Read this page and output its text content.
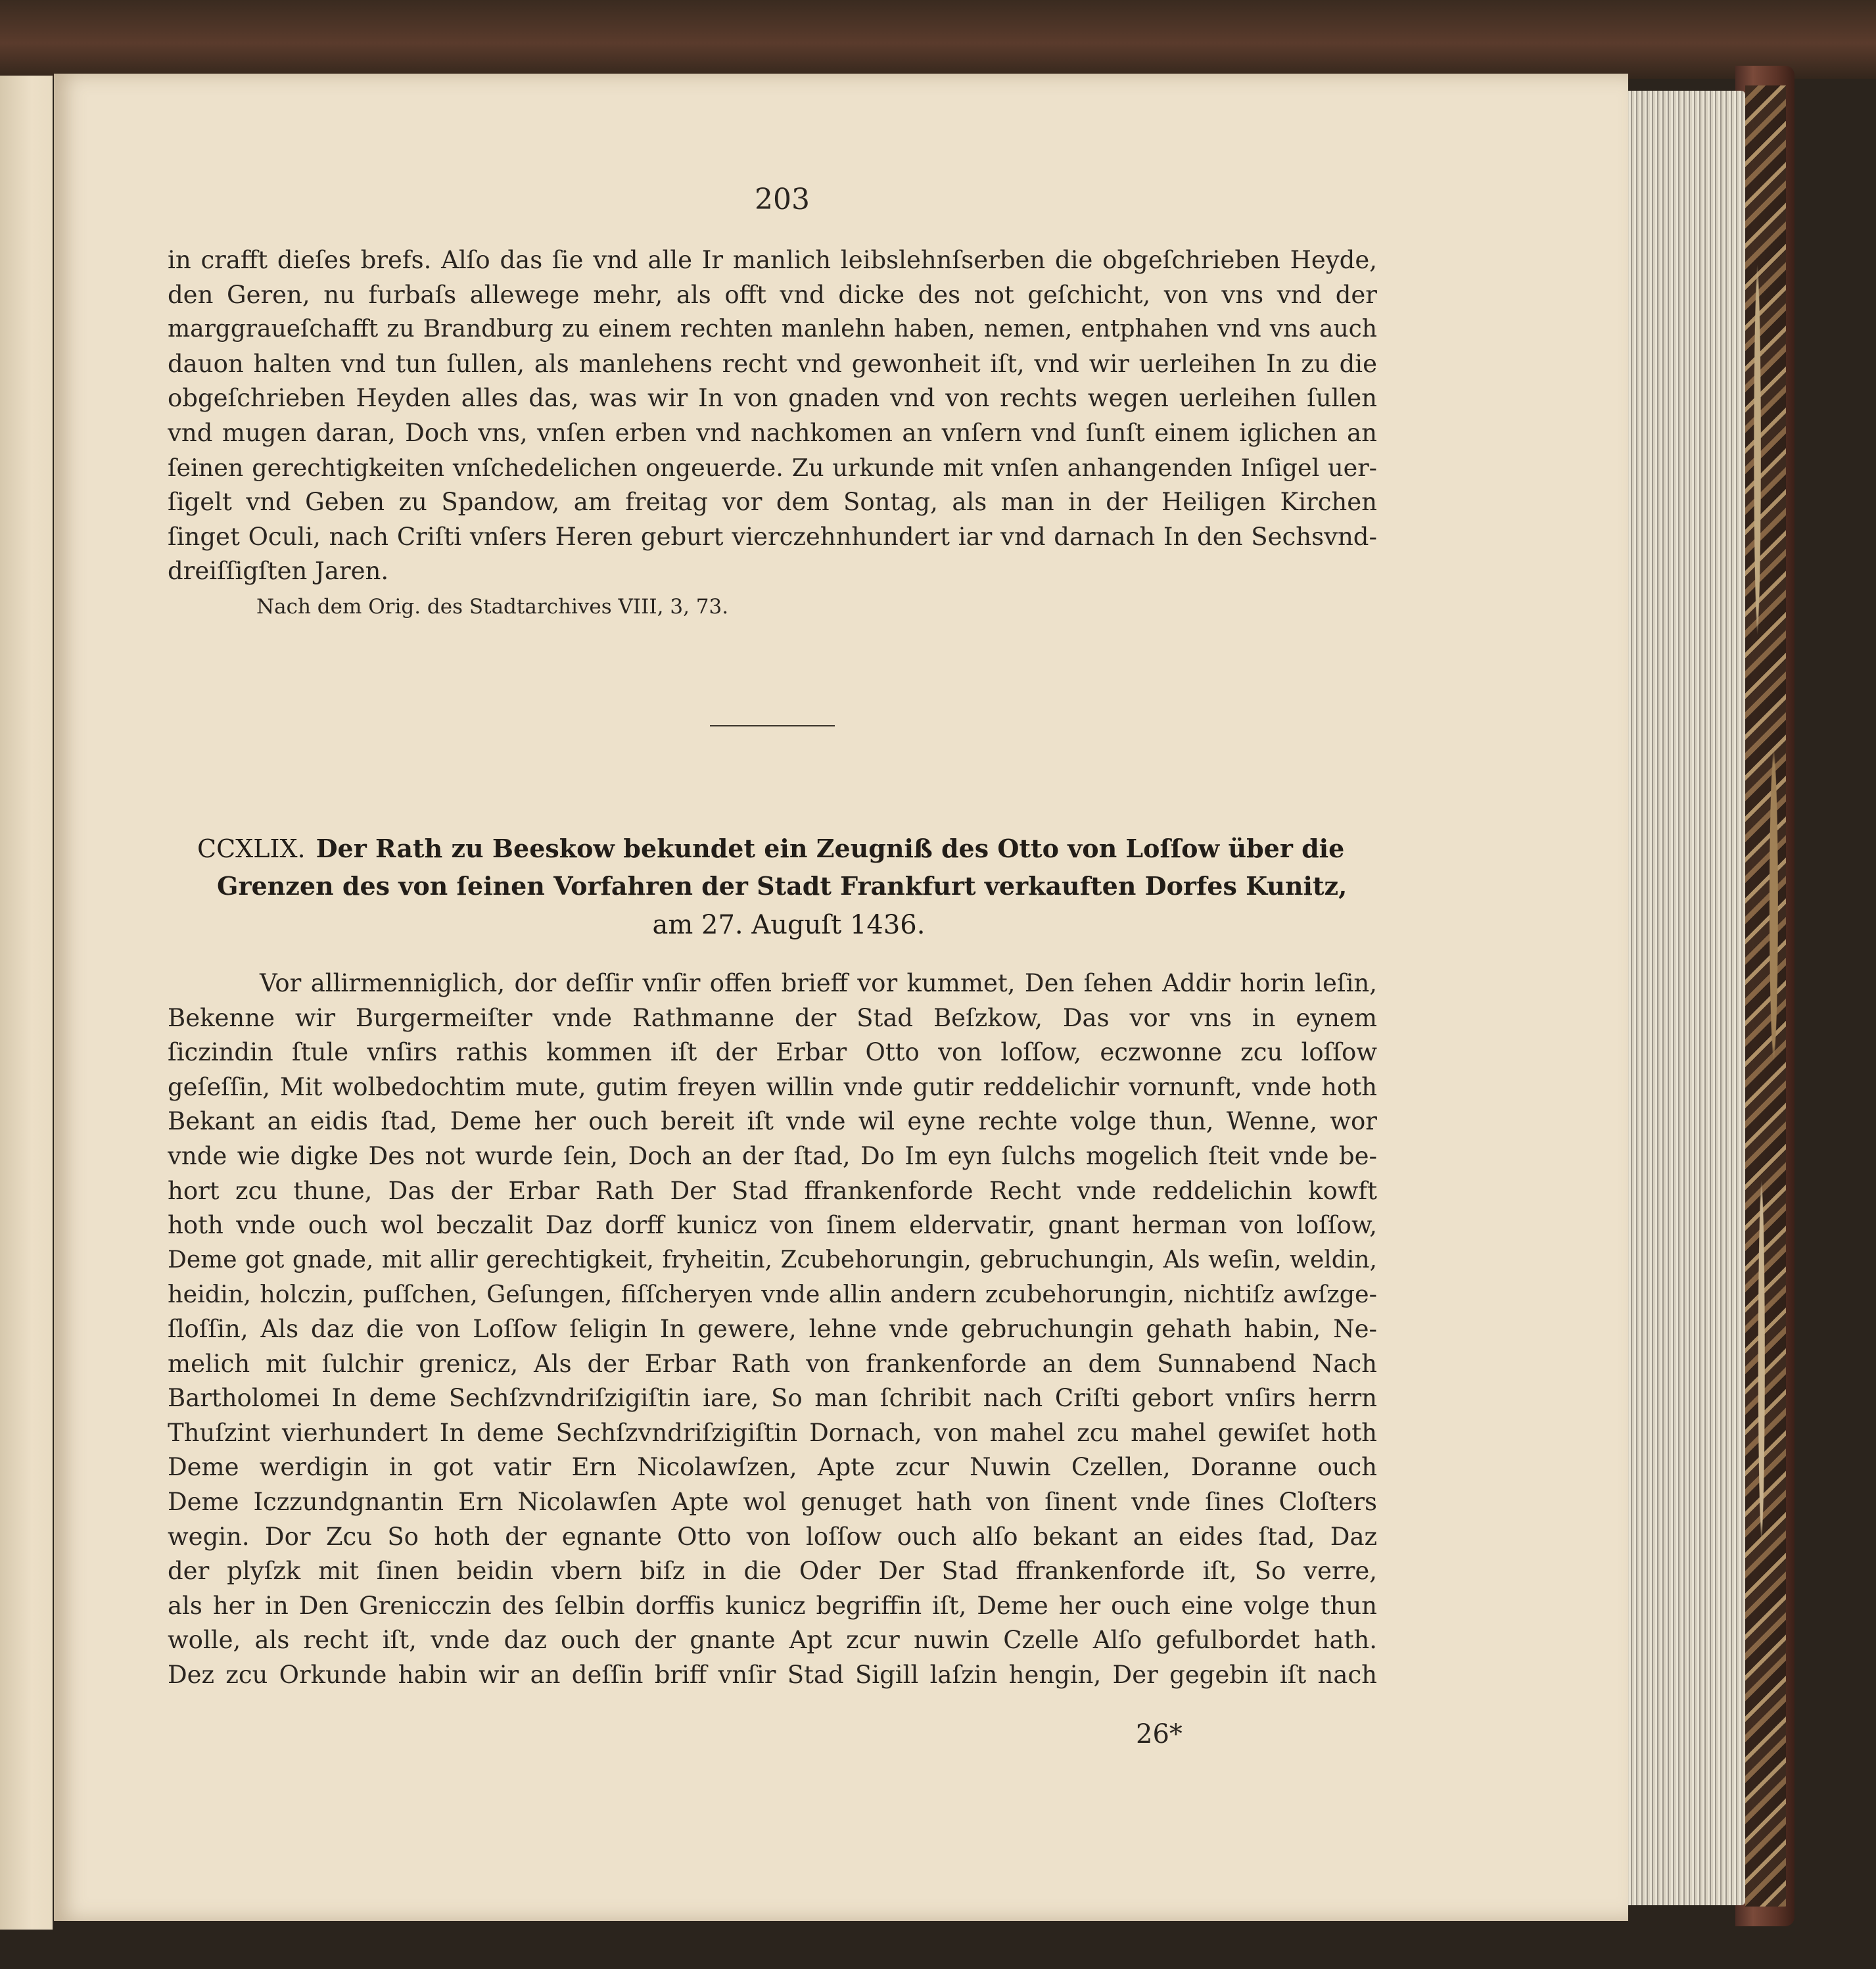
203
in crafft dieſes brefs. Alſo das ſie vnd alle Ir manlich leibslehnſserben die obgeſchrieben Heyde,
den Geren, nu furbaſs allewege mehr, als offt vnd dicke des not geſchicht, von vns vnd der
marggraueſchafft zu Brandburg zu einem rechten manlehn haben, nemen, entphahen vnd vns auch
dauon halten vnd tun ſullen, als manlehens recht vnd gewonheit iſt, vnd wir uerleihen In zu die
obgeſchrieben Heyden alles das, was wir In von gnaden vnd von rechts wegen uerleihen ſullen
vnd mugen daran, Doch vns, vnſen erben vnd nachkomen an vnſern vnd ſunſt einem iglichen an
ſeinen gerechtigkeiten vnſchedelichen ongeuerde. Zu urkunde mit vnſen anhangenden Inſigel uer-
ſigelt vnd Geben zu Spandow, am freitag vor dem Sontag, als man in der Heiligen Kirchen
ſinget Oculi, nach Criſti vnſers Heren geburt vierczehnhundert iar vnd darnach In den Sechsvnd-
dreiſſigſten Jaren.
Nach dem Orig. des Stadtarchives VIII, 3, 73.
CCXLIX. Der Rath zu Beeskow bekundet ein Zeugniß des Otto von Loſſow über die
Grenzen des von ſeinen Vorfahren der Stadt Frankfurt verkauften Dorfes Kunitz,
am 27. Auguſt 1436.
Vor allirmenniglich, dor deſſir vnſir offen brieff vor kummet, Den ſehen Addir horin leſin,
Bekenne wir Burgermeiſter vnde Rathmanne der Stad Beſzkow, Das vor vns in eynem
ſiczindin ſtule vnſirs rathis kommen iſt der Erbar Otto von loſſow, eczwonne zcu loſſow
geſeſſin, Mit wolbedochtim mute, gutim freyen willin vnde gutir reddelichir vornunft, vnde hoth
Bekant an eidis ſtad, Deme her ouch bereit iſt vnde wil eyne rechte volge thun, Wenne, wor
vnde wie digke Des not wurde ſein, Doch an der ſtad, Do Im eyn ſulchs mogelich ſteit vnde be-
hort zcu thune, Das der Erbar Rath Der Stad ffrankenforde Recht vnde reddelichin kowft
hoth vnde ouch wol beczalit Daz dorff kunicz von ſinem eldervatir, gnant herman von loſſow,
Deme got gnade, mit allir gerechtigkeit, fryheitin, Zcubehorungin, gebruchungin, Als weſin, weldin,
heidin, holczin, puſſchen, Geſungen, fiſſcheryen vnde allin andern zcubehorungin, nichtiſz awſzge-
ſloſſin, Als daz die von Loſſow ſeligin In gewere, lehne vnde gebruchungin gehath habin, Ne-
melich mit ſulchir grenicz, Als der Erbar Rath von frankenforde an dem Sunnabend Nach
Bartholomei In deme Sechſzvndriſzigiſtin iare, So man ſchribit nach Criſti gebort vnſirs herrn
Thuſzint vierhundert In deme Sechſzvndriſzigiſtin Dornach, von mahel zcu mahel gewiſet hoth
Deme werdigin in got vatir Ern Nicolawſzen, Apte zcur Nuwin Czellen, Doranne ouch
Deme Iczzundgnantin Ern Nicolawſen Apte wol genuget hath von ſinent vnde ſines Cloſters
wegin. Dor Zcu So hoth der egnante Otto von loſſow ouch alſo bekant an eides ſtad, Daz
der plyſzk mit ſinen beidin vbern biſz in die Oder Der Stad ffrankenforde iſt, So verre,
als her in Den Grenicczin des ſelbin dorffis kunicz begriffin iſt, Deme her ouch eine volge thun
wolle, als recht iſt, vnde daz ouch der gnante Apt zcur nuwin Czelle Alſo gefulbordet hath.
Dez zcu Orkunde habin wir an deſſin briff vnſir Stad Sigill laſzin hengin, Der gegebin iſt nach
26*
